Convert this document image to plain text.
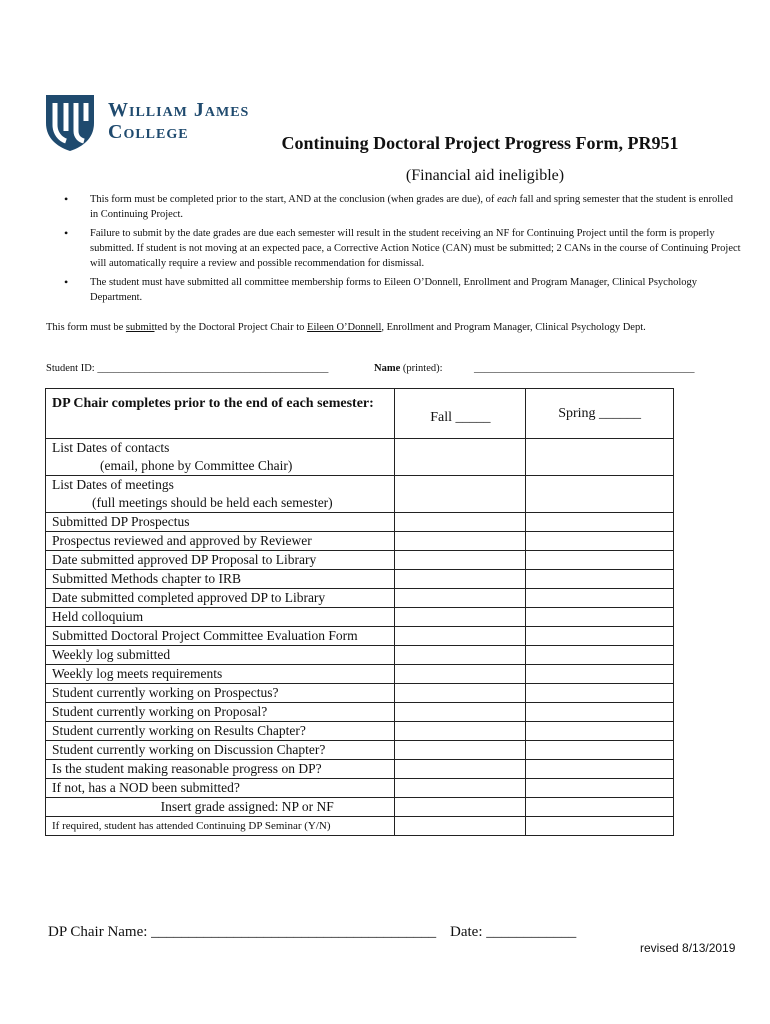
William James
College	Continuing Doctoral Project Progress Form, PR951
(Financial aid ineligible)
• This form must be completed prior to the start, AND at the conclusion (when grades are due), of each fall and spring semester that the student is enrolled in Continuing Project.
• Failure to submit by the date grades are due each semester will result in the student receiving an NF for Continuing Project until the form is properly submitted. If student is not moving at an expected pace, a Corrective Action Notice (CAN) must be submitted; 2 CANs in the course of Continuing Project will automatically require a review and possible recommendation for dismissal.
• The student must have submitted all committee membership forms to Eileen O’Donnell, Enrollment and Program Manager, Clinical Psychology Department.
This form must be submitted by the Doctoral Project Chair to Eileen O’Donnell, Enrollment and Program Manager, Clinical Psychology Dept.
Student ID: ____________________________________________	Name (printed):	__________________________________________
DP Chair completes prior to the end of each semester:	Fall _____	Spring ______
List Dates of contacts
(email, phone by Committee Chair)		

List Dates of meetings
(full meetings should be held each semester)		

Submitted DP Prospectus		
Prospectus reviewed and approved by Reviewer		
Date submitted approved DP Proposal to Library		
Submitted Methods chapter to IRB		
Date submitted completed approved DP to Library		
Held colloquium		
Submitted Doctoral Project Committee Evaluation Form		
Weekly log submitted		
Weekly log meets requirements		
Student currently working on Prospectus?		
Student currently working on Proposal?		
Student currently working on Results Chapter?		
Student currently working on Discussion Chapter?		
Is the student making reasonable progress on DP?		
If not, has a NOD been submitted?		
Insert grade assigned: NP or NF		
If required, student has attended Continuing DP Seminar (Y/N)		
DP Chair Name: ______________________________________ Date: ____________
revised 8/13/2019
